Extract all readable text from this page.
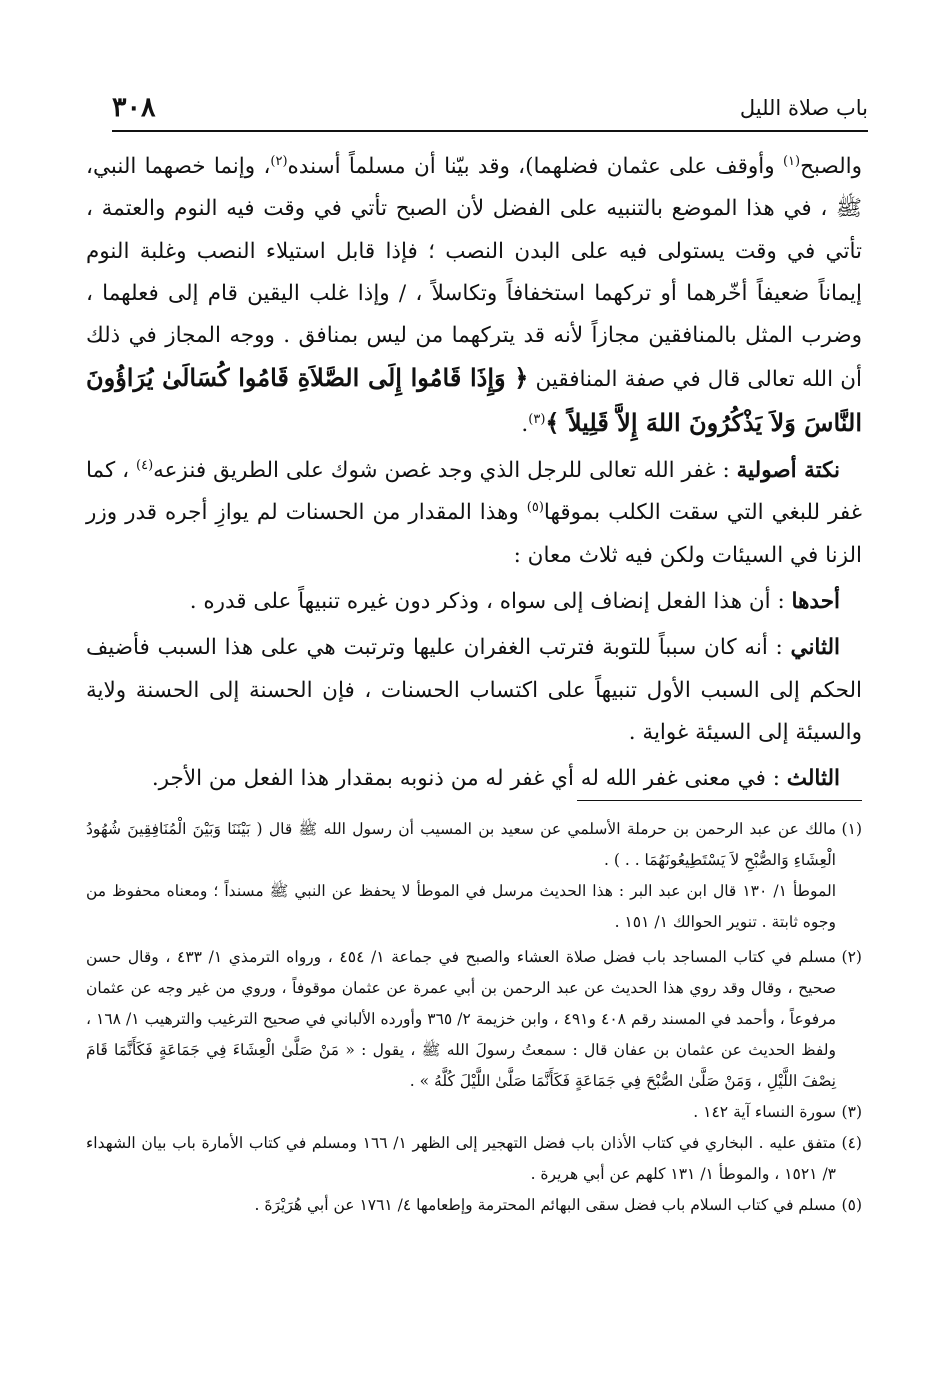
باب صلاة الليل
٣٠٨

والصبح$^{(١)}$ وأوقف على عثمان فضلهما)، وقد بيّنا أن مسلماً أسنده$^{(٢)}$، وإنما خصهما النبي، ﷺ ، في هذا الموضع بالتنبيه على الفضل لأن الصبح تأتي في وقت فيه النوم والعتمة ، تأتي في وقت يستولى فيه على البدن النصب ؛ فإذا قابل استيلاء النصب وغلبة النوم إيماناً ضعيفاً أخّرهما أو تركهما استخفافاً وتكاسلاً ، / وإذا غلب اليقين قام إلى فعلهما ، وضرب المثل بالمنافقين مجازاً لأنه قد يتركهما من ليس بمنافق . ووجه المجاز في ذلك أن الله تعالى قال في صفة المنافقين ﴿ وَإِذَا قَامُوا إِلَى الصَّلاَةِ قَامُوا كُسَالَىٰ يُرَاؤُونَ النَّاسَ وَلاَ يَذْكُرُونَ اللهَ إِلاَّ قَلِيلاً ﴾$^{(٣)}$.

نكتة أصولية : غفر الله تعالى للرجل الذي وجد غصن شوك على الطريق فنزعه$^{(٤)}$ ، كما غفر للبغي التي سقت الكلب بموقها$^{(٥)}$ وهذا المقدار من الحسنات لم يوازِ أجره قدر وزر الزنا في السيئات ولكن فيه ثلاث معان :

أحدها : أن هذا الفعل إنضاف إلى سواه ، وذكر دون غيره تنبيهاً على قدره .

الثاني : أنه كان سبباً للتوبة فترتب الغفران عليها وترتبت هي على هذا السبب فأضيف الحكم إلى السبب الأول تنبيهاً على اكتساب الحسنات ، فإن الحسنة إلى الحسنة ولاية والسيئة إلى السيئة غواية .

الثالث : في معنى غفر الله له أي غفر له من ذنوبه بمقدار هذا الفعل من الأجر.

(١)مالك عن عبد الرحمن بن حرملة الأسلمي عن سعيد بن المسيب أن رسول الله ﷺ قال ( بَيْنَنَا وَبَيْنَ الْمُنَافِقِينَ شُهُودُ الْعِشَاءِ وَالصُّبْحِ لاَ يَسْتَطِيعُونَهُمَا . . ) .

الموطأ ١/ ١٣٠ قال ابن عبد البر : هذا الحديث مرسل في الموطأ لا يحفظ عن النبي ﷺ مسنداً ؛ ومعناه محفوظ من وجوه ثابتة . تنوير الحوالك ١/ ١٥١ .

(٢)مسلم في كتاب المساجد باب فضل صلاة العشاء والصبح في جماعة ١/ ٤٥٤ ، ورواه الترمذي ١/ ٤٣٣ ، وقال حسن صحيح ، وقال وقد روي هذا الحديث عن عبد الرحمن بن أبي عمرة عن عثمان موقوفاً ، وروي من غير وجه عن عثمان مرفوعاً ، وأحمد في المسند رقم ٤٠٨ و٤٩١ ، وابن خزيمة ٢/ ٣٦٥ وأورده الألباني في صحيح الترغيب والترهيب ١/ ١٦٨ ، ولفظ الحديث عن عثمان بن عفان قال : سمعتُ رسولَ الله ﷺ ، يقول : « مَنْ صَلَّىٰ الْعِشَاءَ فِي جَمَاعَةٍ فَكَأَنَّمَا قَامَ نِصْفَ اللَّيْلِ ، وَمَنْ صَلَّىٰ الصُّبْحَ فِي جَمَاعَةٍ فَكَأَنَّمَا صَلَّىٰ اللَّيْلَ كُلَّهُ » .

(٣)سورة النساء آية ١٤٢ .

(٤)متفق عليه . البخاري في كتاب الأذان باب فضل التهجير إلى الظهر ١/ ١٦٦ ومسلم في كتاب الأمارة باب بيان الشهداء ٣/ ١٥٢١ ، والموطأ ١/ ١٣١ كلهم عن أبي هريرة .

(٥)مسلم في كتاب السلام باب فضل سقى البهائم المحترمة وإطعامها ٤/ ١٧٦١ عن أبي هُرَيْرَةَ .
